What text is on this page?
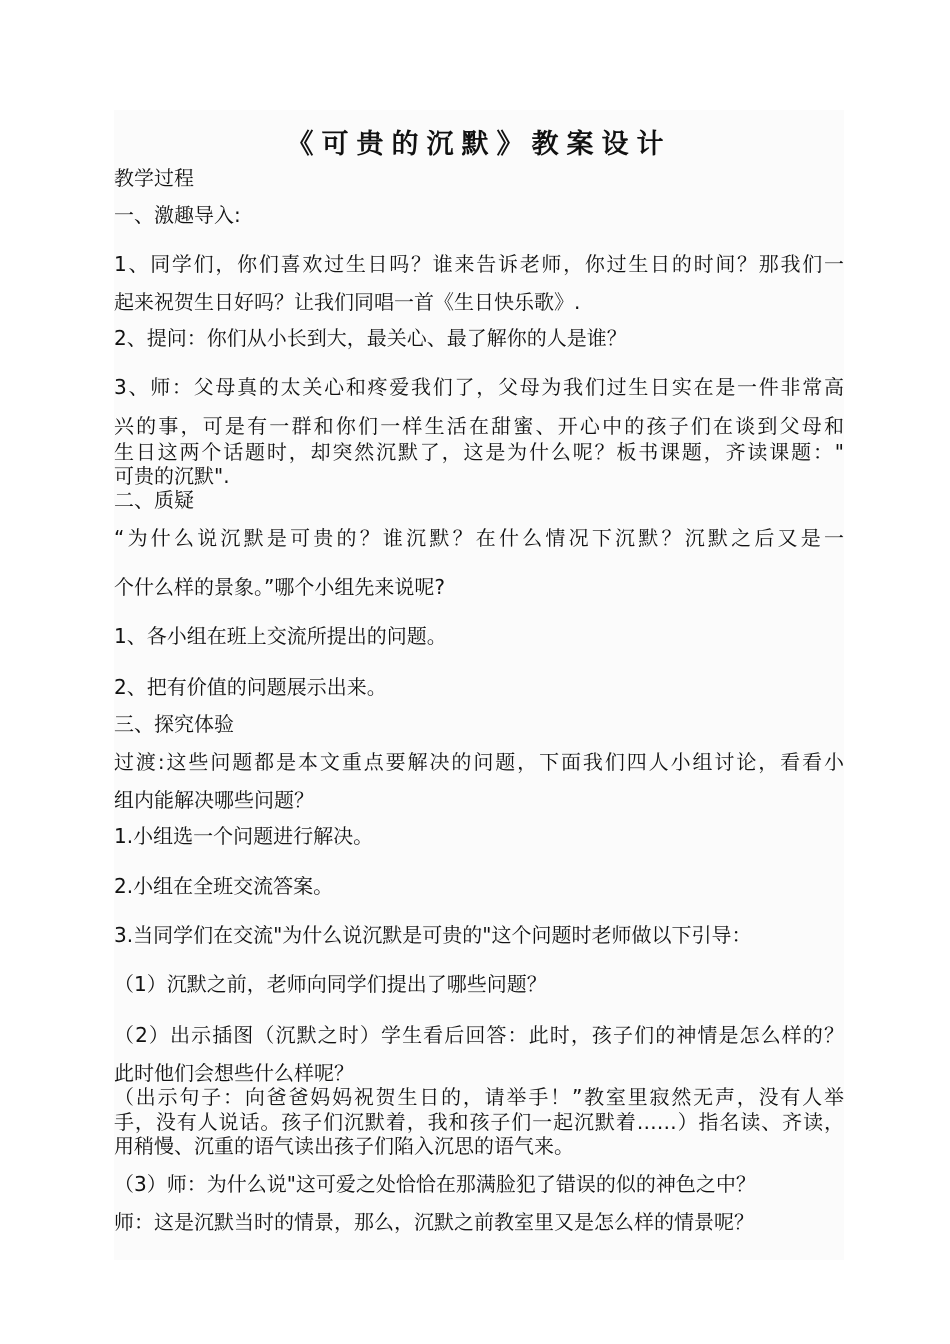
《可贵的沉默》教案设计
教学过程
一、激趣导入:
1、同学们，你们喜欢过生日吗？谁来告诉老师，你过生日的时间？那我们一
起来祝贺生日好吗？让我们同唱一首《生日快乐歌》.
2、提问：你们从小长到大，最关心、最了解你的人是谁？
3、师：父母真的太关心和疼爱我们了，父母为我们过生日实在是一件非常高
兴的事，可是有一群和你们一样生活在甜蜜、开心中的孩子们在谈到父母和
生日这两个话题时，却突然沉默了，这是为什么呢？板书课题，齐读课题："
可贵的沉默".
二、质疑
“为什么说沉默是可贵的？谁沉默？在什么情况下沉默？沉默之后又是一
个什么样的景象。”哪个小组先来说呢?
1、各小组在班上交流所提出的问题。
2、把有价值的问题展示出来。
三、探究体验
过渡:这些问题都是本文重点要解决的问题，下面我们四人小组讨论，看看小
组内能解决哪些问题？
1.小组选一个问题进行解决。
2.小组在全班交流答案。
3.当同学们在交流"为什么说沉默是可贵的"这个问题时老师做以下引导：
（1）沉默之前，老师向同学们提出了哪些问题？
（2）出示插图（沉默之时）学生看后回答：此时，孩子们的神情是怎么样的？
此时他们会想些什么样呢？
（出示句子：向爸爸妈妈祝贺生日的，请举手！”教室里寂然无声，没有人举
手，没有人说话。孩子们沉默着，我和孩子们一起沉默着……）指名读、齐读，
用稍慢、沉重的语气读出孩子们陷入沉思的语气来。
（3）师：为什么说"这可爱之处恰恰在那满脸犯了错误的似的神色之中？
师：这是沉默当时的情景，那么，沉默之前教室里又是怎么样的情景呢？
